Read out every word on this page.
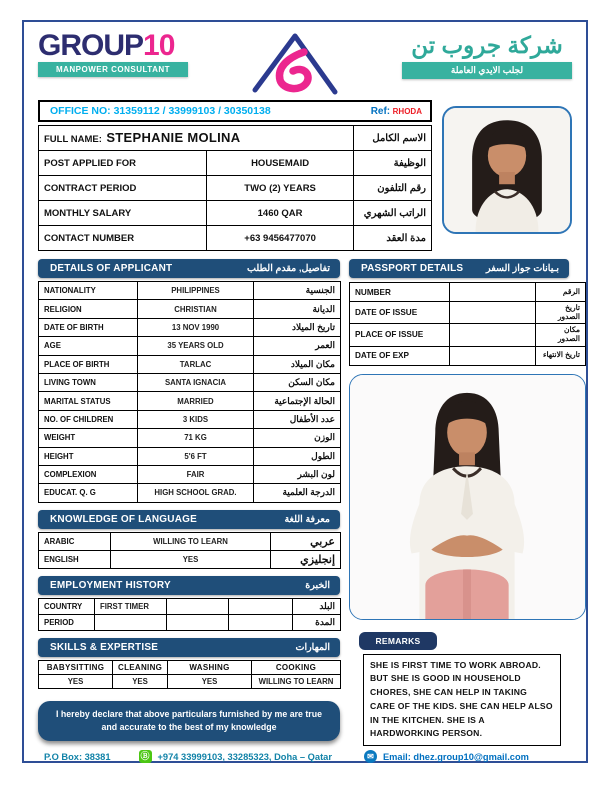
GROUP10
MANPOWER CONSULTANT
شركة جروب تن
لجلب الايدي العاملة
OFFICE NO: 31359112 / 33999103 / 30350138	Ref: RHODA
FULL NAME: STEPHANIE MOLINA		الاسم الكامل
POST APPLIED FOR	HOUSEMAID	الوظيفة
CONTRACT PERIOD	TWO (2) YEARS	رقم التلفون
MONTHLY SALARY	1460 QAR	الراتب الشهري
CONTACT NUMBER	+63 9456477070	مدة العقد
DETAILS OF APPLICANT	تفاصيل, مقدم الطلب
NATIONALITY	PHILIPPINES	الجنسية
RELIGION	CHRISTIAN	الديانة
DATE OF BIRTH	13 NOV 1990	تاريخ الميلاد
AGE	35 YEARS OLD	العمر
PLACE OF BIRTH	TARLAC	مكان الميلاد
LIVING TOWN	SANTA IGNACIA	مكان السكن
MARITAL STATUS	MARRIED	الحالة الإجتماعية
NO. OF CHILDREN	3 KIDS	عدد الأطفال
WEIGHT	71 KG	الوزن
HEIGHT	5'6 FT	الطول
COMPLEXION	FAIR	لون البشر
EDUCAT. Q. G	HIGH SCHOOL GRAD.	الدرجة العلمية
KNOWLEDGE OF LANGUAGE	معرفة اللغة
ARABIC	WILLING TO LEARN	عربي
ENGLISH	YES	إنجليزي
EMPLOYMENT HISTORY	الخبرة
COUNTRY	FIRST TIMER			البلد
PERIOD				المدة
SKILLS & EXPERTISE	المهارات
BABYSITTING	CLEANING	WASHING	COOKING
YES	YES	YES	WILLING TO LEARN
I hereby declare that above particulars furnished by me are true and accurate to the best of my knowledge
PASSPORT DETAILS بـيانات جواز السفر
NUMBER		الرقم
DATE OF ISSUE		تاريخ الصدور
PLACE OF ISSUE		مكان الصدور
DATE OF EXP		تاريخ الانتهاء
REMARKS
SHE IS FIRST TIME TO WORK ABROAD. BUT SHE IS GOOD IN HOUSEHOLD CHORES, SHE CAN HELP IN TAKING CARE OF THE KIDS. SHE CAN HELP ALSO IN THE KITCHEN. SHE IS A HARDWORKING PERSON.
P.O Box: 38381	Ⓑ +974 33999103, 33285323, Doha – Qatar	✉ Email: dhez.group10@gmail.com
